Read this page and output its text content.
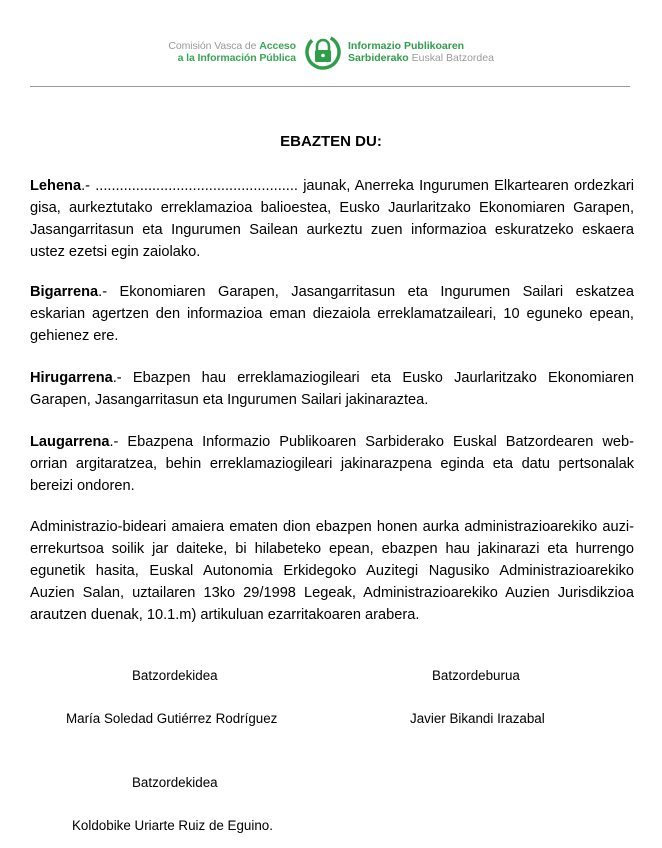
Comisión Vasca de Acceso
a la Información Pública
Informazio Publikoaren
Sarbiderako Euskal Batzordea
EBAZTEN DU:
Lehena.- .................................................. jaunak, Anerreka Ingurumen Elkartearen ordezkari gisa, aurkeztutako erreklamazioa balioestea, Eusko Jaurlaritzako Ekonomiaren Garapen, Jasangarritasun eta Ingurumen Sailean aurkeztu zuen informazioa eskuratzeko eskaera ustez ezetsi egin zaiolako.
Bigarrena.- Ekonomiaren Garapen, Jasangarritasun eta Ingurumen Sailari eskatzea eskarian agertzen den informazioa eman diezaiola erreklamatzaileari, 10 eguneko epean, gehienez ere.
Hirugarrena.- Ebazpen hau erreklamaziogileari eta Eusko Jaurlaritzako Ekonomiaren Garapen, Jasangarritasun eta Ingurumen Sailari jakinaraztea.
Laugarrena.- Ebazpena Informazio Publikoaren Sarbiderako Euskal Batzordearen web-orrian argitaratzea, behin erreklamaziogileari jakinarazpena eginda eta datu pertsonalak bereizi ondoren.
Administrazio-bideari amaiera ematen dion ebazpen honen aurka administrazioarekiko auzi-errekurtsoa soilik jar daiteke, bi hilabeteko epean, ebazpen hau jakinarazi eta hurrengo egunetik hasita, Euskal Autonomia Erkidegoko Auzitegi Nagusiko Administrazioarekiko Auzien Salan, uztailaren 13ko 29/1998 Legeak, Administrazioarekiko Auzien Jurisdikzioa arautzen duenak, 10.1.m) artikuluan ezarritakoaren arabera.
Batzordekidea	Batzordeburua
María Soledad Gutiérrez Rodríguez	Javier Bikandi Irazabal
Batzordekidea
Koldobike Uriarte Ruiz de Eguino.
